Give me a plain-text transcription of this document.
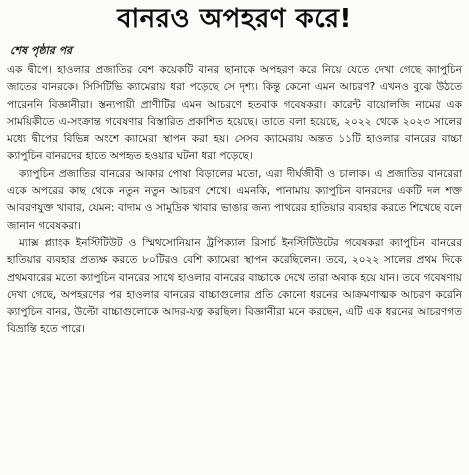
বানরও অপহরণ করে!
শেষ পৃষ্ঠার পর

এক দ্বীপে। হাওলার প্রজাতির বেশ কয়েকটি বানর ছানাকে অপহরণ করে নিয়ে যেতে দেখা গেছে ক্যাপুচিন জাতের বানরকে। সিসিটিভি ক্যামেরায় ধরা পড়েছে সে দৃশ্য। কিন্তু কেনো এমন আচরণ? এখনও বুঝে উঠতে পারেননি বিজ্ঞানীরা। স্তন্যপায়ী প্রাণীটির এমন আচরণে হতবাক গবেষকরা। কারেন্ট বায়োলজি নামের এক সাময়িকীতে এ-সংক্রান্ত গবেষণার বিস্তারিত প্রকাশিত হয়েছে। তাতে বলা হয়েছে, ২০২২ থেকে ২০২৩ সালের মধ্যে দ্বীপের বিভিন্ন অংশে ক্যামেরা স্থাপন করা হয়। সেসব ক্যামেরায় অন্তত ১১টি হাওলার বানরের বাচ্চা ক্যাপুচিন বানরদের হাতে অপহৃত হওয়ার ঘটনা ধরা পড়েছে।

ক্যাপুচিন প্রজাতির বানরের আকার পোষা বিড়ালের মতো, এরা দীর্ঘজীবী ও চালাক। এ প্রজাতির বানরেরা একে অপরের কাছ থেকে নতুন নতুন আচরণ শেখে। এমনকি, পানামায় ক্যাপুচিন বানরদের একটি দল শক্ত আবরণযুক্ত খাবার, যেমন: বাদাম ও সামুদ্রিক খাবার ভাঙার জন্য পাথরের হাতিয়ার ব্যবহার করতে শিখেছে বলে জানান গবেষকরা।

ম্যাক্স প্ল্যাংক ইনস্টিটিউট ও স্মিথসোনিয়ান ট্রপিক্যাল রিসার্চ ইনস্টিটিউটের গবেষকরা ক্যাপুচিন বানরের হাতিয়ার ব্যবহার প্রত্যক্ষ করতে ৮০টিরও বেশি ক্যামেরা স্থাপন করেছিলেন। তবে, ২০২২ সালের প্রথম দিকে প্রথমবারের মতো ক্যাপুচিন বানরের সাথে হাওলার বানরের বাচ্চাকে দেখে তারা অবাক হয়ে যান। তবে গবেষণায় দেখা গেছে, অপহরণের পর হাওলার বানরের বাচ্চাগুলোর প্রতি কোনো ধরনের আক্রমণাত্মক আচরণ করেনি ক্যাপুচিন বানর, উল্টো বাচ্চাগুলোকে আদর-যত্ন করছিল। বিজ্ঞানীরা মনে করছেন, এটি এক ধরনের আচরণগত বিভ্রান্তি হতে পারে।
